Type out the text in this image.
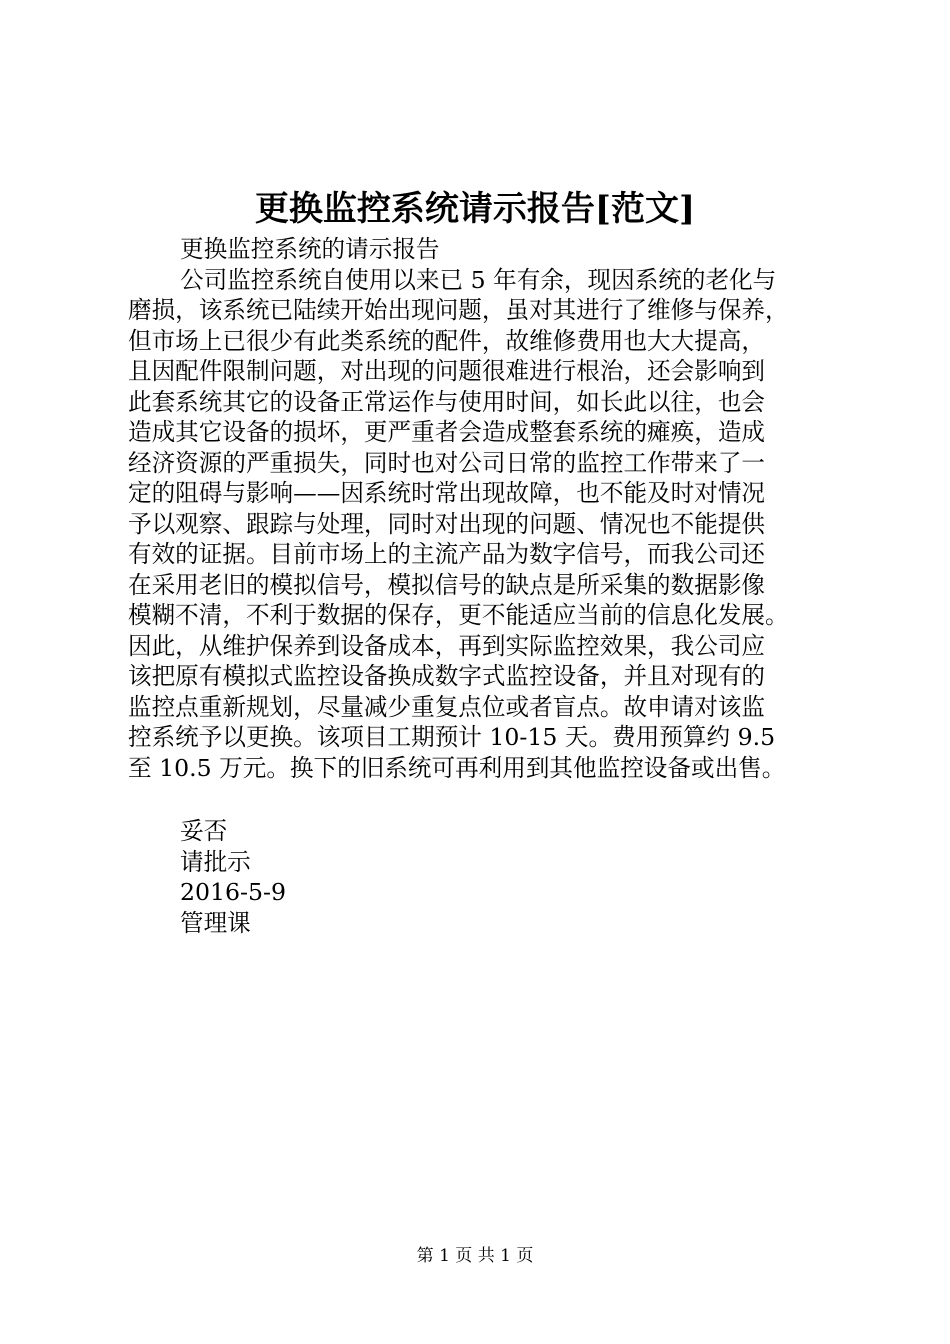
更换监控系统请示报告[范文]
更换监控系统的请示报告
公司监控系统自使用以来已 5 年有余，现因系统的老化与
磨损，该系统已陆续开始出现问题，虽对其进行了维修与保养，
但市场上已很少有此类系统的配件，故维修费用也大大提高，
且因配件限制问题，对出现的问题很难进行根治，还会影响到
此套系统其它的设备正常运作与使用时间，如长此以往，也会
造成其它设备的损坏，更严重者会造成整套系统的瘫痪，造成
经济资源的严重损失，同时也对公司日常的监控工作带来了一
定的阻碍与影响——因系统时常出现故障，也不能及时对情况
予以观察、跟踪与处理，同时对出现的问题、情况也不能提供
有效的证据。目前市场上的主流产品为数字信号，而我公司还
在采用老旧的模拟信号，模拟信号的缺点是所采集的数据影像
模糊不清，不利于数据的保存，更不能适应当前的信息化发展。
因此，从维护保养到设备成本，再到实际监控效果，我公司应
该把原有模拟式监控设备换成数字式监控设备，并且对现有的
监控点重新规划，尽量减少重复点位或者盲点。故申请对该监
控系统予以更换。该项目工期预计 10-15 天。费用预算约 9.5
至 10.5 万元。换下的旧系统可再利用到其他监控设备或出售。
妥否
请批示
2016-5-9
管理课
第 1 页 共 1 页
